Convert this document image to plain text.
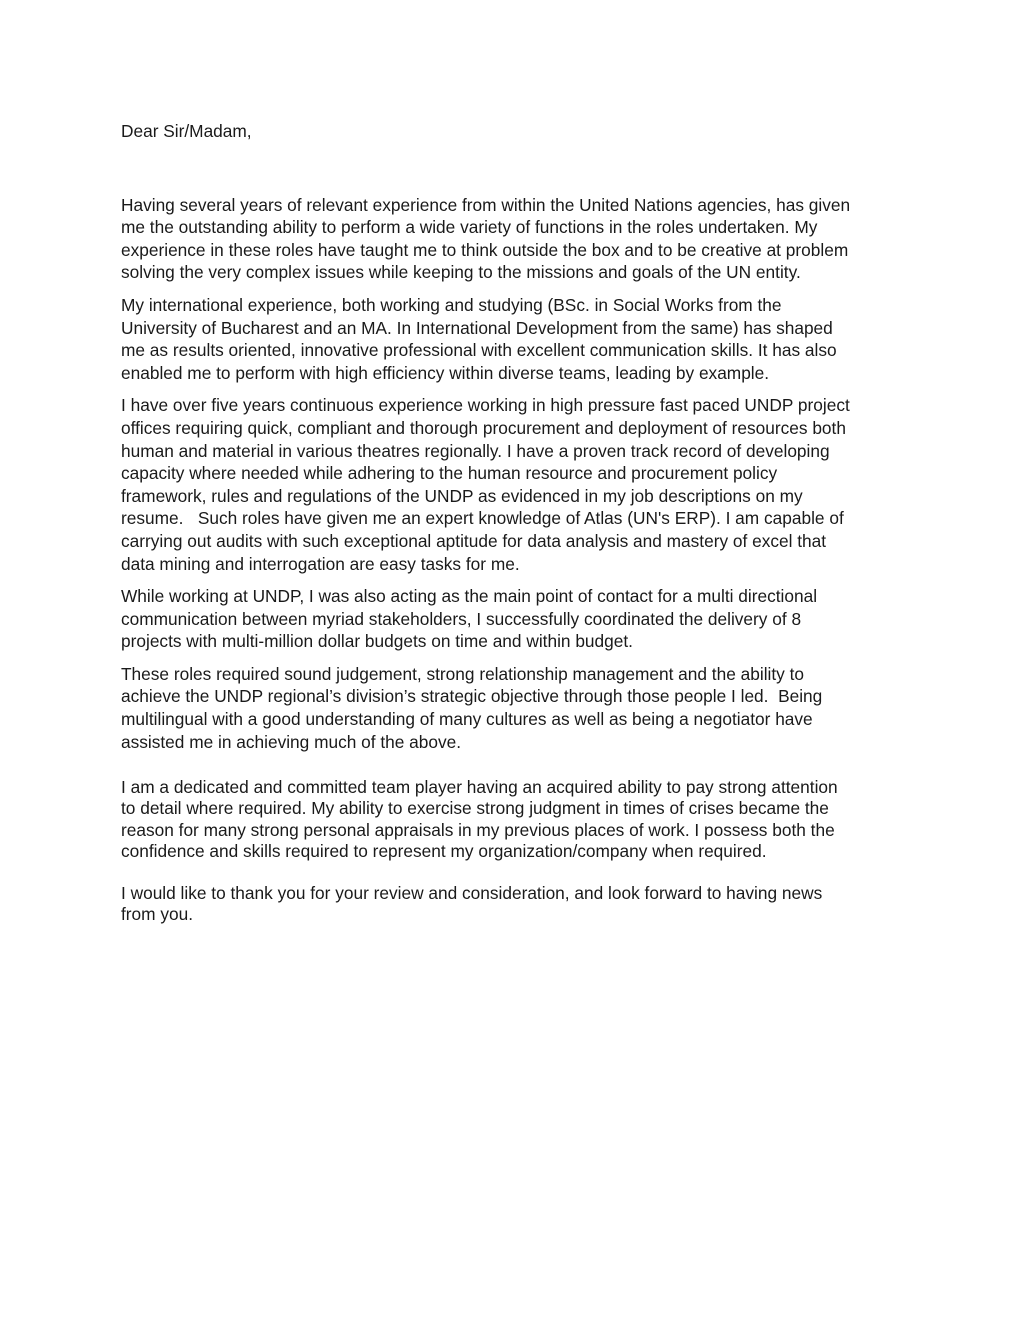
Dear Sir/Madam,

Having several years of relevant experience from within the United Nations agencies, has given
me the outstanding ability to perform a wide variety of functions in the roles undertaken. My
experience in these roles have taught me to think outside the box and to be creative at problem
solving the very complex issues while keeping to the missions and goals of the UN entity.

My international experience, both working and studying (BSc. in Social Works from the
University of Bucharest and an MA. In International Development from the same) has shaped
me as results oriented, innovative professional with excellent communication skills. It has also
enabled me to perform with high efficiency within diverse teams, leading by example.

I have over five years continuous experience working in high pressure fast paced UNDP project
offices requiring quick, compliant and thorough procurement and deployment of resources both
human and material in various theatres regionally. I have a proven track record of developing
capacity where needed while adhering to the human resource and procurement policy
framework, rules and regulations of the UNDP as evidenced in my job descriptions on my
resume.   Such roles have given me an expert knowledge of Atlas (UN's ERP). I am capable of
carrying out audits with such exceptional aptitude for data analysis and mastery of excel that
data mining and interrogation are easy tasks for me.

While working at UNDP, I was also acting as the main point of contact for a multi directional
communication between myriad stakeholders, I successfully coordinated the delivery of 8
projects with multi-million dollar budgets on time and within budget.

These roles required sound judgement, strong relationship management and the ability to
achieve the UNDP regional’s division’s strategic objective through those people I led.  Being
multilingual with a good understanding of many cultures as well as being a negotiator have
assisted me in achieving much of the above.

I am a dedicated and committed team player having an acquired ability to pay strong attention
to detail where required. My ability to exercise strong judgment in times of crises became the
reason for many strong personal appraisals in my previous places of work. I possess both the
confidence and skills required to represent my organization/company when required.

I would like to thank you for your review and consideration, and look forward to having news
from you.
